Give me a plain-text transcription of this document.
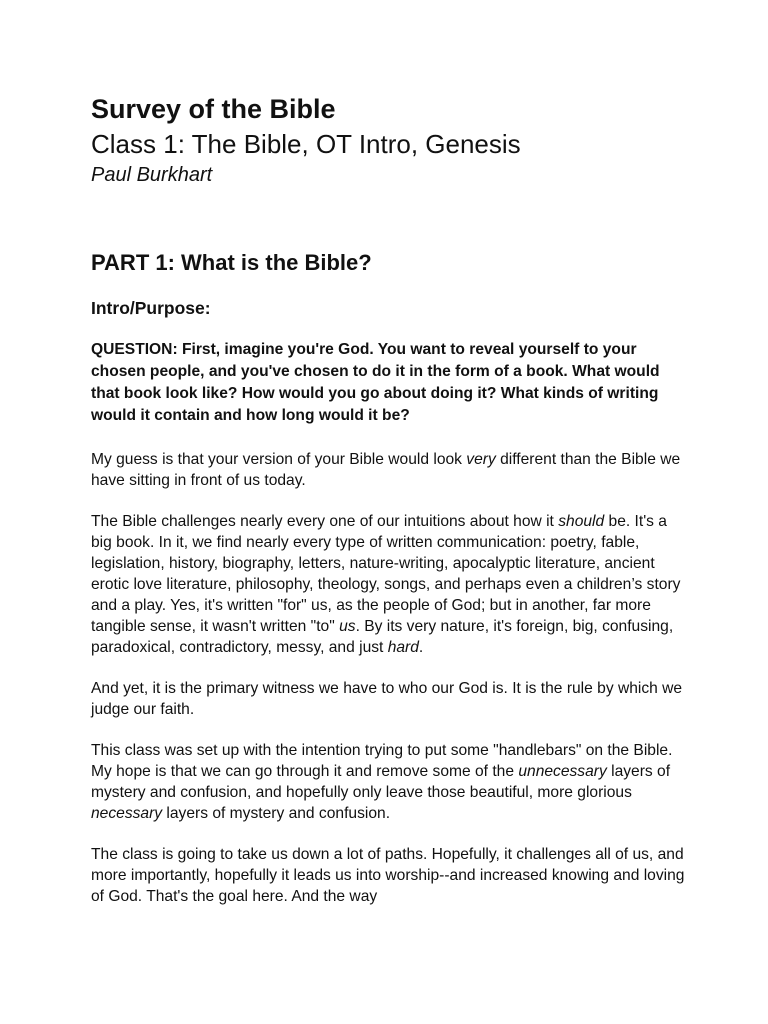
Survey of the Bible
Class 1: The Bible, OT Intro, Genesis

Paul Burkhart

PART 1: What is the Bible?
Intro/Purpose:

QUESTION: First, imagine you're God. You want to reveal yourself to your chosen people, and you've chosen to do it in the form of a book. What would that book look like? How would you go about doing it? What kinds of writing would it contain and how long would it be?

My guess is that your version of your Bible would look very different than the Bible we have sitting in front of us today.

The Bible challenges nearly every one of our intuitions about how it should be. It's a big book. In it, we find nearly every type of written communication: poetry, fable, legislation, history, biography, letters, nature-writing, apocalyptic literature, ancient erotic love literature, philosophy, theology, songs, and perhaps even a children’s story and a play. Yes, it's written "for" us, as the people of God; but in another, far more tangible sense, it wasn't written "to" us. By its very nature, it's foreign, big, confusing, paradoxical, contradictory, messy, and just hard.

And yet, it is the primary witness we have to who our God is. It is the rule by which we judge our faith.

This class was set up with the intention trying to put some "handlebars" on the Bible. My hope is that we can go through it and remove some of the unnecessary layers of mystery and confusion, and hopefully only leave those beautiful, more glorious necessary layers of mystery and confusion.

The class is going to take us down a lot of paths. Hopefully, it challenges all of us, and more importantly, hopefully it leads us into worship--and increased knowing and loving of God. That's the goal here. And the way
